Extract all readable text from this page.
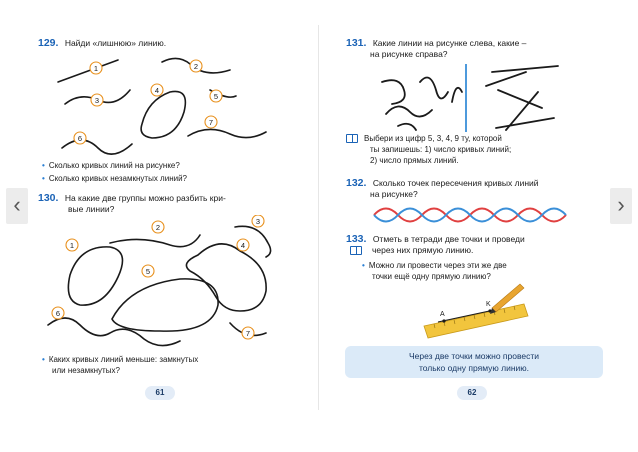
‹	›
129. Найди «лишнюю» линию.
1	2
3
4
5
6
7
• Сколько кривых линий на рисунке?
• Сколько кривых незамкнутых линий?
130. На какие две группы можно разбить кри-
вые линии?
1
2
3
4
5
6
7
• Каких кривых линий меньше: замкнутых
или незамкнутых?
61
131. Какие линии на рисунке слева, какие –
на рисунке справа?
Выбери из цифр 5, 3, 4, 9 ту, которой
ты запишешь: 1) число кривых линий;
2) число прямых линий.
132. Сколько точек пересечения кривых линий
на рисунке?
133. Отметь в тетради две точки и проведи
через них прямую линию.
• Можно ли провести через эти же две
точки ещё одну прямую линию?
A
K
Через две точки можно провести
только одну прямую линию.
62
